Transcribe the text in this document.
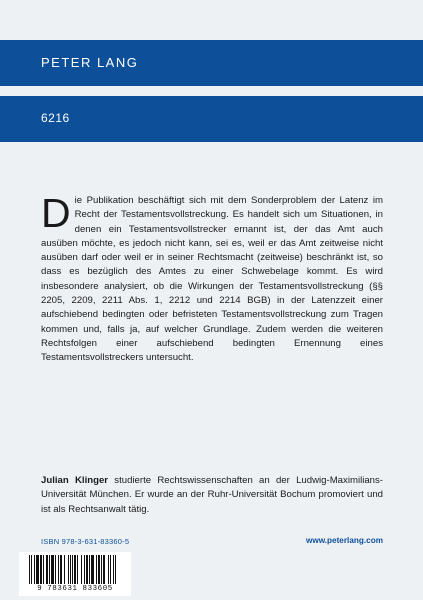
PETER LANG
6216
Die Publikation beschäftigt sich mit dem Sonderproblem der Latenz im Recht der Testamentsvollstreckung. Es handelt sich um Situationen, in denen ein Testamentsvollstrecker ernannt ist, der das Amt auch ausüben möchte, es jedoch nicht kann, sei es, weil er das Amt zeitweise nicht ausüben darf oder weil er in seiner Rechtsmacht (zeitweise) beschränkt ist, so dass es bezüglich des Amtes zu einer Schwebelage kommt. Es wird insbesondere analysiert, ob die Wirkungen der Testamentsvollstreckung (§§ 2205, 2209, 2211 Abs. 1, 2212 und 2214 BGB) in der Latenzzeit einer aufschiebend bedingten oder befristeten Testamentsvollstreckung zum Tragen kommen und, falls ja, auf welcher Grundlage. Zudem werden die weiteren Rechtsfolgen einer aufschiebend bedingten Ernennung eines Testamentsvollstreckers untersucht.
Julian Klinger studierte Rechtswissenschaften an der Ludwig-Maximilians-Universität München. Er wurde an der Ruhr-Universität Bochum promoviert und ist als Rechtsanwalt tätig.
ISBN 978-3-631-83360-5	www.peterlang.com
9 783631 833605
